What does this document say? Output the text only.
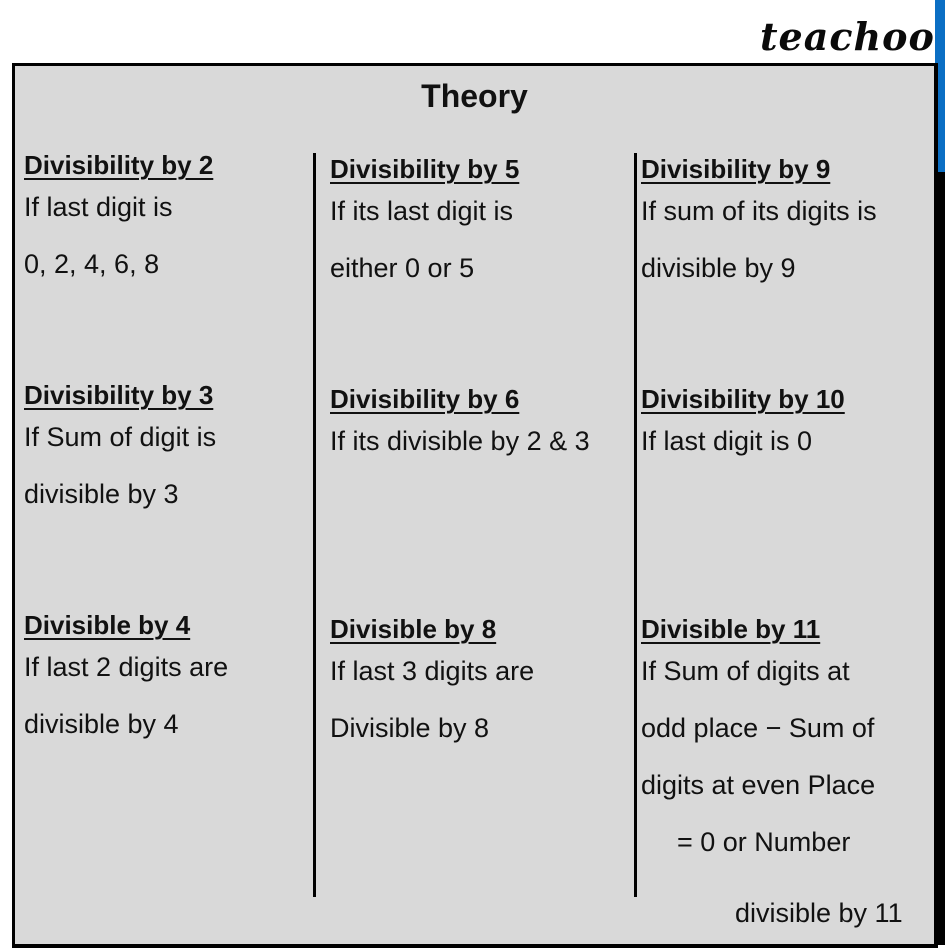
teachoo
Theory
Divisibility by 2
If last digit is
0, 2, 4, 6, 8
Divisibility by 3
If Sum of digit is
divisible by 3
Divisible by 4
If last 2 digits are
divisible by 4
Divisibility by 5
If its last digit is
either 0 or 5
Divisibility by 6
If its divisible by 2 & 3
Divisible by 8
If last 3 digits are
Divisible by 8
Divisibility by 9
If sum of its digits is
divisible by 9
Divisibility by 10
If last digit is 0
Divisible by 11
If Sum of digits at
odd place − Sum of
digits at even Place
= 0 or Number
divisible by 11
